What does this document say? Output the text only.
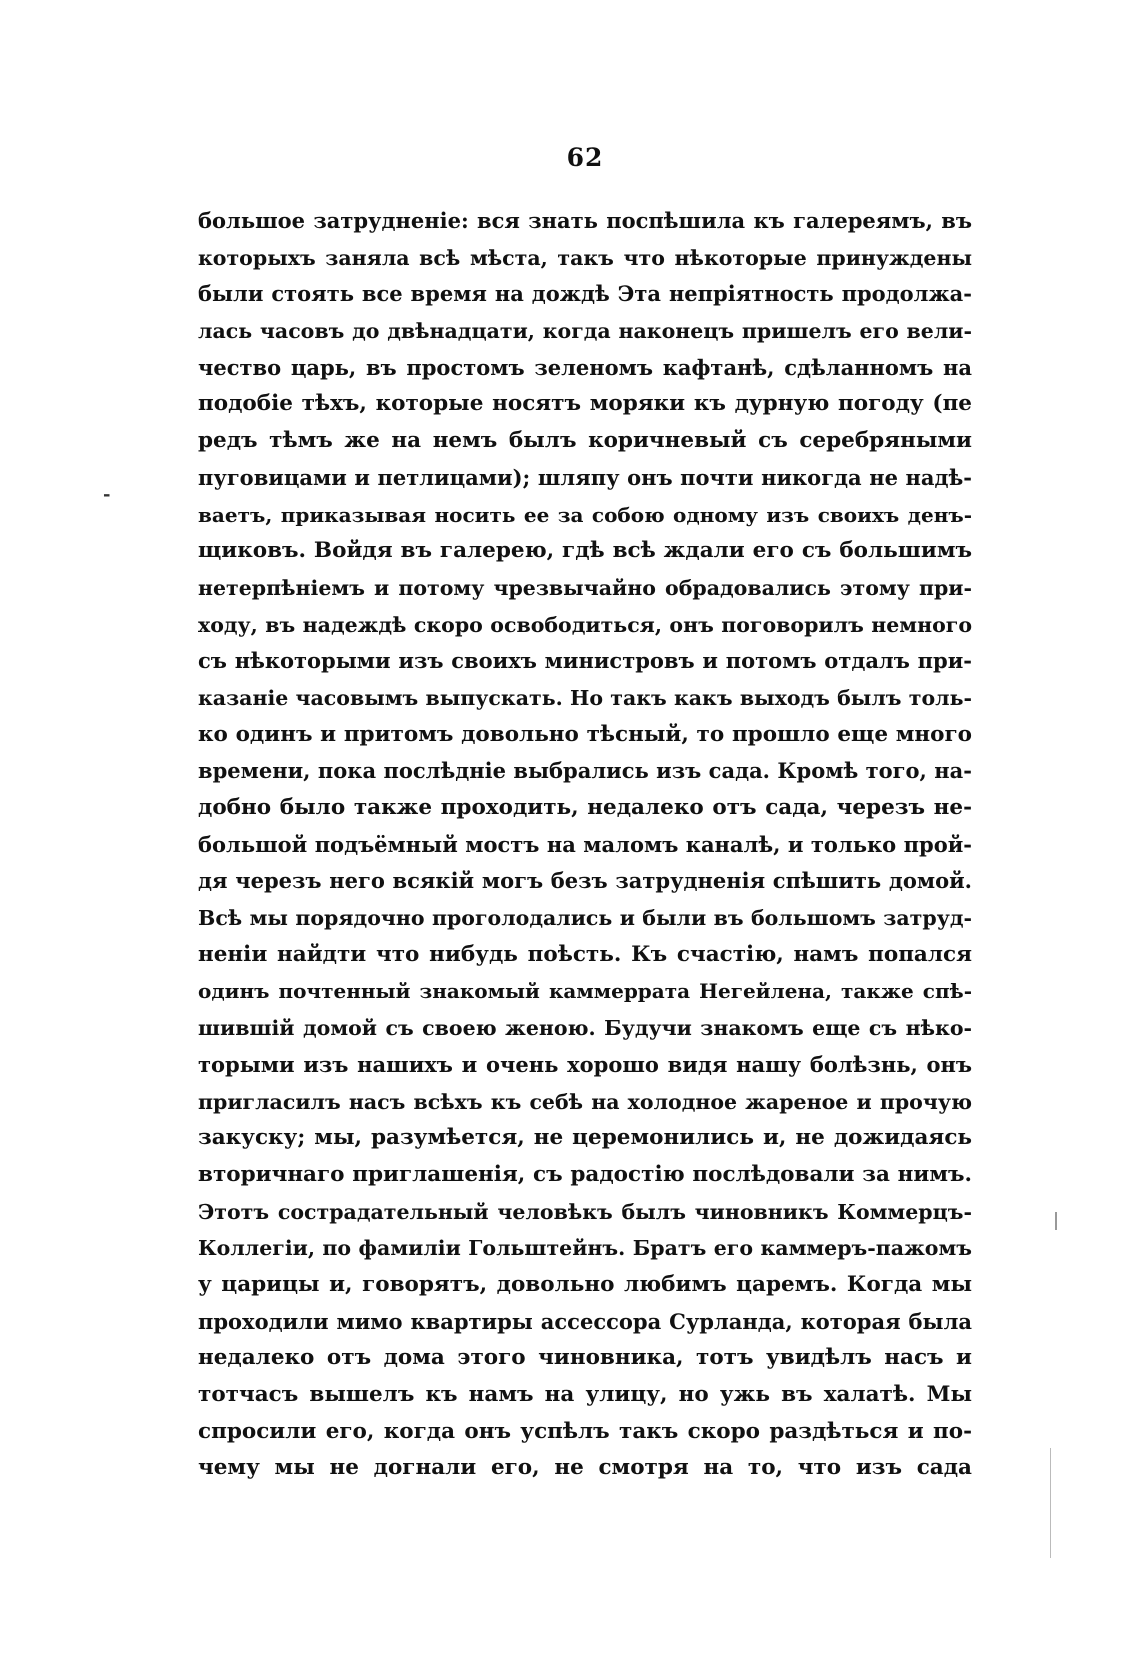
62
-
большое затрудненіе: вся знать поспѣшила къ галереямъ, въ
которыхъ заняла всѣ мѣста, такъ что нѣкоторые принуждены
были стоять все время на дождѣ Эта непріятность продолжа-
лась часовъ до двѣнадцати, когда наконецъ пришелъ его вели-
чество царь, въ простомъ зеленомъ кафтанѣ, сдѣланномъ на
подобіе тѣхъ, которые носятъ моряки къ дурную погоду (пе
редъ тѣмъ же на немъ былъ коричневый съ серебряными
пуговицами и петлицами); шляпу онъ почти никогда не надѣ-
ваетъ, приказывая носить ее за собою одному изъ своихъ денъ-
щиковъ. Войдя въ галерею, гдѣ всѣ ждали его съ большимъ
нетерпѣніемъ и потому чрезвычайно обрадовались этому при-
ходу, въ надеждѣ скоро освободиться, онъ поговорилъ немного
съ нѣкоторыми изъ своихъ министровъ и потомъ отдалъ при-
казаніе часовымъ выпускать. Но такъ какъ выходъ былъ толь-
ко одинъ и притомъ довольно тѣсный, то прошло еще много
времени, пока послѣдніе выбрались изъ сада. Кромѣ того, на-
добно было также проходить, недалеко отъ сада, черезъ не-
большой подъёмный мостъ на маломъ каналѣ, и только прой-
дя черезъ него всякій могъ безъ затрудненія спѣшить домой.
Всѣ мы порядочно проголодались и были въ большомъ затруд-
неніи найдти что нибудь поѣсть. Къ счастію, намъ попался
одинъ почтенный знакомый каммеррата Негейлена, также спѣ-
шившій домой съ своею женою. Будучи знакомъ еще съ нѣко-
торыми изъ нашихъ и очень хорошо видя нашу болѣзнь, онъ
пригласилъ насъ всѣхъ къ себѣ на холодное жареное и прочую
закуску; мы, разумѣется, не церемонились и, не дожидаясь
вторичнаго приглашенія, съ радостію послѣдовали за нимъ.
Этотъ сострадательный человѣкъ былъ чиновникъ Коммерцъ-
Коллегіи, по фамиліи Гольштейнъ. Братъ его каммеръ-пажомъ
у царицы и, говорятъ, довольно любимъ царемъ. Когда мы
проходили мимо квартиры ассессора Сурланда, которая была
недалеко отъ дома этого чиновника, тотъ увидѣлъ насъ и
тотчасъ вышелъ къ намъ на улицу, но ужь въ халатѣ. Мы
спросили его, когда онъ успѣлъ такъ скоро раздѣться и по-
чему мы не догнали его, не смотря на то, что изъ сада
